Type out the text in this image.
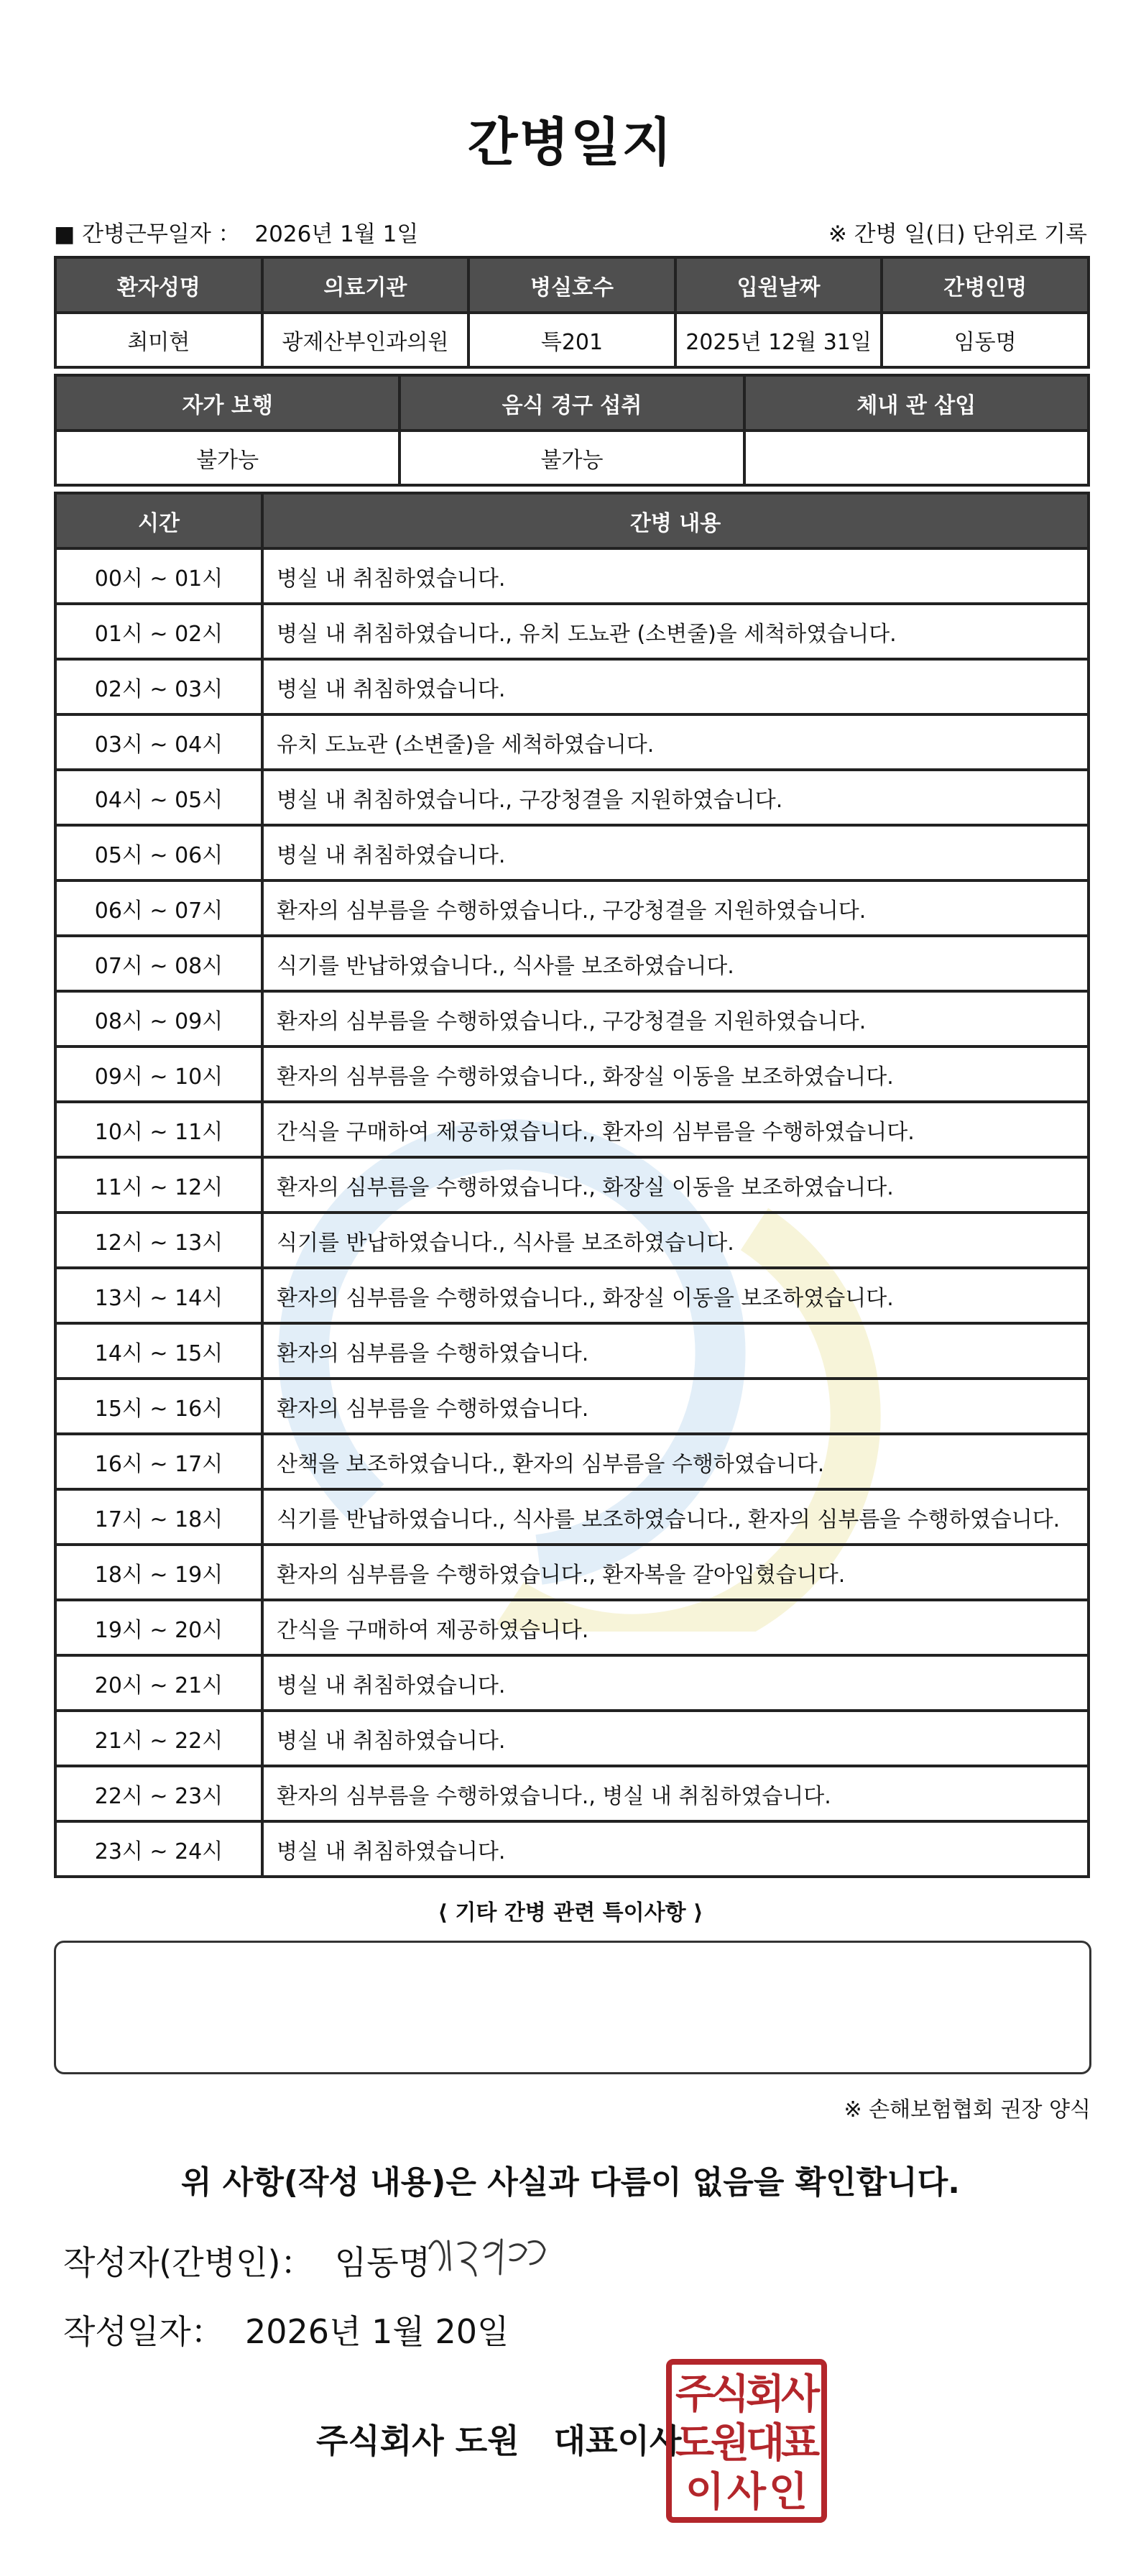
간병일지
■ 간병근무일자 ： 2026년 1월 1일	※ 간병 일(日) 단위로 기록
환자성명	의료기관	병실호수	입원날짜	간병인명
최미현	광제산부인과의원	특201	2025년 12월 31일	임동명
자가 보행	음식 경구 섭취	체내 관 삽입
불가능	불가능	
시간	간병 내용
00시 ~ 01시	병실 내 취침하였습니다.
01시 ~ 02시	병실 내 취침하였습니다., 유치 도뇨관 (소변줄)을 세척하였습니다.
02시 ~ 03시	병실 내 취침하였습니다.
03시 ~ 04시	유치 도뇨관 (소변줄)을 세척하였습니다.
04시 ~ 05시	병실 내 취침하였습니다., 구강청결을 지원하였습니다.
05시 ~ 06시	병실 내 취침하였습니다.
06시 ~ 07시	환자의 심부름을 수행하였습니다., 구강청결을 지원하였습니다.
07시 ~ 08시	식기를 반납하였습니다., 식사를 보조하였습니다.
08시 ~ 09시	환자의 심부름을 수행하였습니다., 구강청결을 지원하였습니다.
09시 ~ 10시	환자의 심부름을 수행하였습니다., 화장실 이동을 보조하였습니다.
10시 ~ 11시	간식을 구매하여 제공하였습니다., 환자의 심부름을 수행하였습니다.
11시 ~ 12시	환자의 심부름을 수행하였습니다., 화장실 이동을 보조하였습니다.
12시 ~ 13시	식기를 반납하였습니다., 식사를 보조하였습니다.
13시 ~ 14시	환자의 심부름을 수행하였습니다., 화장실 이동을 보조하였습니다.
14시 ~ 15시	환자의 심부름을 수행하였습니다.
15시 ~ 16시	환자의 심부름을 수행하였습니다.
16시 ~ 17시	산책을 보조하였습니다., 환자의 심부름을 수행하였습니다.
17시 ~ 18시	식기를 반납하였습니다., 식사를 보조하였습니다., 환자의 심부름을 수행하였습니다.
18시 ~ 19시	환자의 심부름을 수행하였습니다., 환자복을 갈아입혔습니다.
19시 ~ 20시	간식을 구매하여 제공하였습니다.
20시 ~ 21시	병실 내 취침하였습니다.
21시 ~ 22시	병실 내 취침하였습니다.
22시 ~ 23시	환자의 심부름을 수행하였습니다., 병실 내 취침하였습니다.
23시 ~ 24시	병실 내 취침하였습니다.
⟨ 기타 간병 관련 특이사항 ⟩
※ 손해보험협회 권장 양식
위 사항(작성 내용)은 사실과 다름이 없음을 확인합니다.
작성자(간병인)： 임동명
작성일자： 2026년 1월 20일
주식회사 도원   대표이사
주
식
회
사
도
원
대
표
이 사 인
